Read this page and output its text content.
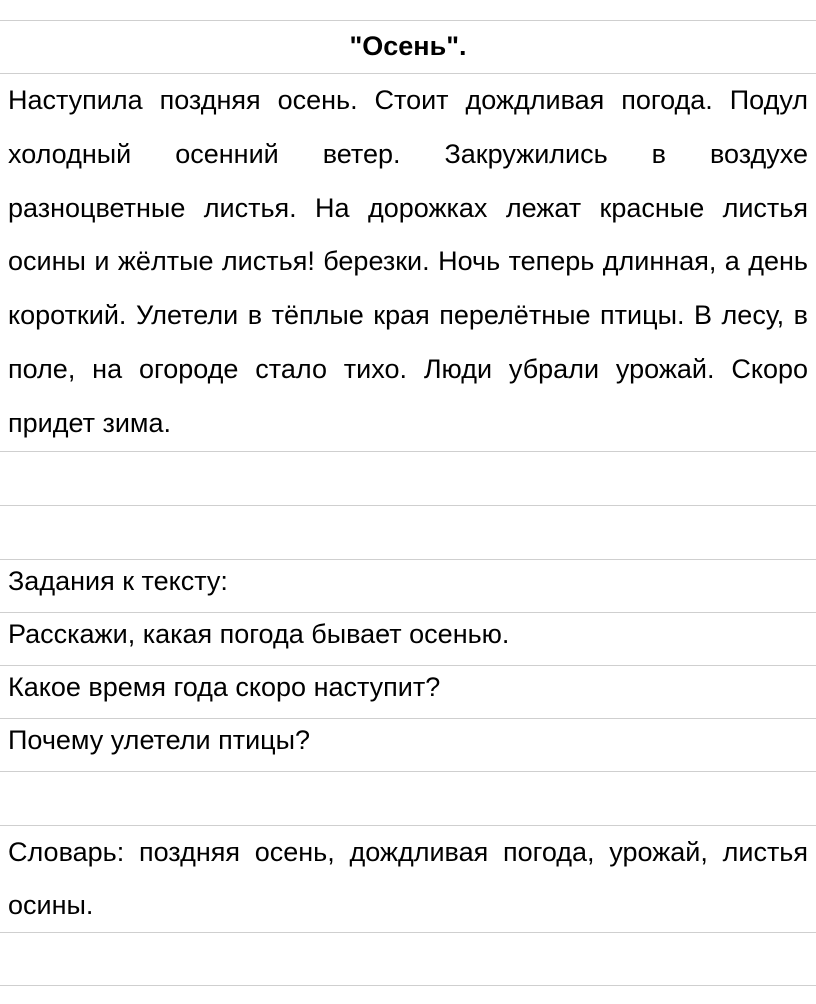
"Осень".

Наступила поздняя осень. Стоит дождливая погода. Подул холодный осенний ветер. Закружились в воздухе разноцветные листья. На дорожках лежат красные листья осины и жёлтые листья! березки. Ночь теперь длинная, а день короткий. Улетели в тёплые края перелётные птицы. В лесу, в поле, на огороде стало тихо. Люди убрали урожай. Скоро придет зима.

Задания к тексту:
Расскажи, какая погода бывает осенью.
Какое время года скоро наступит?
Почему улетели птицы?

Словарь: поздняя осень, дождливая погода, урожай, листья осины.
